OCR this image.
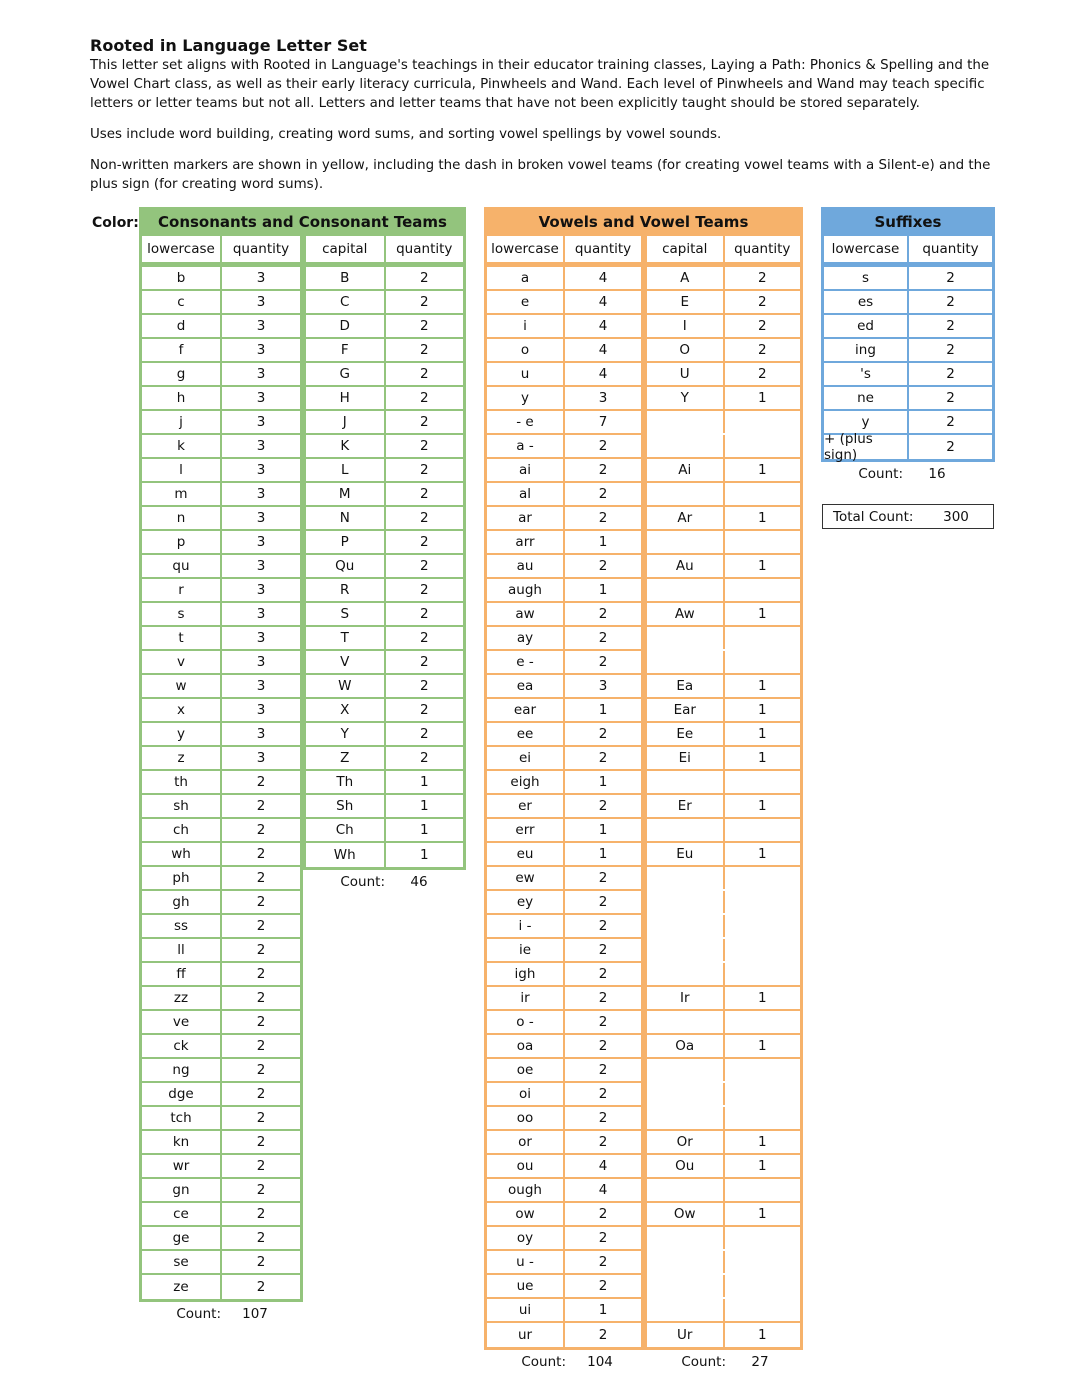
Rooted in Language Letter Set

This letter set aligns with Rooted in Language's teachings in their educator training classes, Laying a Path: Phonics & Spelling and the Vowel Chart class, as well as their early literacy curricula, Pinwheels and Wand. Each level of Pinwheels and Wand may teach specific letters or letter teams but not all. Letters and letter teams that have not been explicitly taught should be stored separately.

Uses include word building, creating word sums, and sorting vowel spellings by vowel sounds.

Non-written markers are shown in yellow, including the dash in broken vowel teams (for creating vowel teams with a Silent-e) and the plus sign (for creating word sums).

Color:	Consonants and Consonant Teams
lowercase	quantity
b	3
c	3
d	3
f	3
g	3
h	3
j	3
k	3
l	3
m	3
n	3
p	3
qu	3
r	3
s	3
t	3
v	3
w	3
x	3
y	3
z	3
th	2
sh	2
ch	2
wh	2
ph	2
gh	2
ss	2
ll	2
ff	2
zz	2
ve	2
ck	2
ng	2
dge	2
tch	2
kn	2
wr	2
gn	2
ce	2
ge	2
se	2
ze	2
Count:	107
capital	quantity
B	2
C	2
D	2
F	2
G	2
H	2
J	2
K	2
L	2
M	2
N	2
P	2
Qu	2
R	2
S	2
T	2
V	2
W	2
X	2
Y	2
Z	2
Th	1
Sh	1
Ch	1
Wh	1
Count:	46
Vowels and Vowel Teams
lowercase	quantity
a	4
e	4
i	4
o	4
u	4
y	3
- e	7
a -	2
ai	2
al	2
ar	2
arr	1
au	2
augh	1
aw	2
ay	2
e -	2
ea	3
ear	1
ee	2
ei	2
eigh	1
er	2
err	1
eu	1
ew	2
ey	2
i -	2
ie	2
igh	2
ir	2
o -	2
oa	2
oe	2
oi	2
oo	2
or	2
ou	4
ough	4
ow	2
oy	2
u -	2
ue	2
ui	1
ur	2
Count:	104
capital	quantity
A	2
E	2
I	2
O	2
U	2
Y	1
Ai	1
Ar	1
Au	1
Aw	1
Ea	1
Ear	1
Ee	1
Ei	1
Er	1
Eu	1
Ir	1
Oa	1
Or	1
Ou	1
Ow	1
Ur	1
Count:	27
Suffixes
lowercase	quantity
s	2
es	2
ed	2
ing	2
's	2
ne	2
y	2
+ (plus sign)	2
Count:	16
Total Count:	300
